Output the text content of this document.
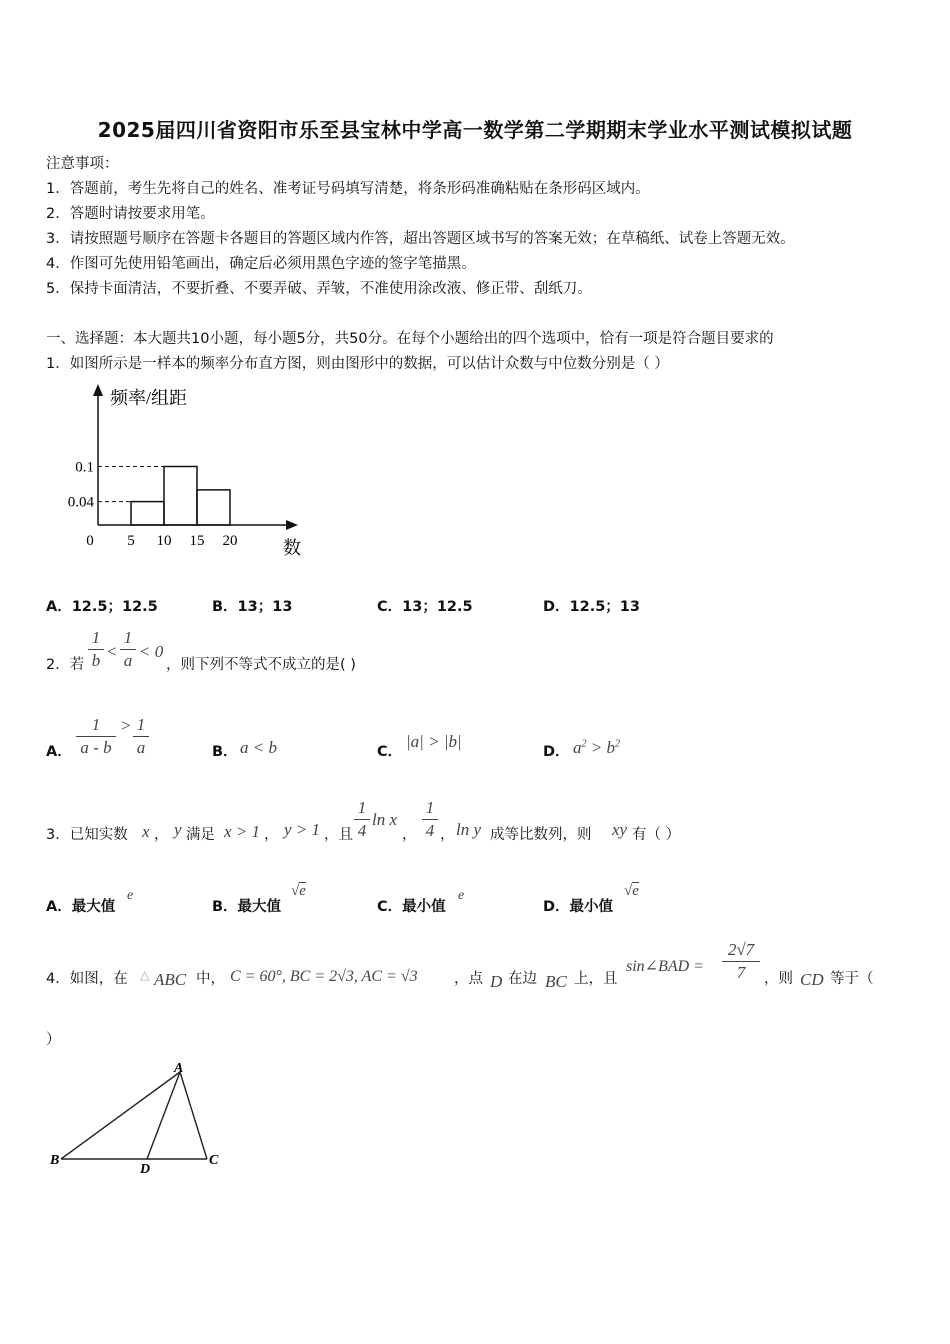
2025届四川省资阳市乐至县宝林中学高一数学第二学期期末学业水平测试模拟试题
注意事项：
1．答题前，考生先将自己的姓名、准考证号码填写清楚，将条形码准确粘贴在条形码区域内。
2．答题时请按要求用笔。
3．请按照题号顺序在答题卡各题目的答题区域内作答，超出答题区域书写的答案无效；在草稿纸、试卷上答题无效。
4．作图可先使用铅笔画出，确定后必须用黑色字迹的签字笔描黑。
5．保持卡面清洁，不要折叠、不要弄破、弄皱，不准使用涂改液、修正带、刮纸刀。
一、选择题：本大题共10小题，每小题5分，共50分。在每个小题给出的四个选项中，恰有一项是符合题目要求的
1．如图所示是一样本的频率分布直方图，则由图形中的数据，可以估计众数与中位数分别是（ ）
0.1
0.04
5 10 15 20
0
频率/组距
数
A．12.5；12.5	B．13；13	C．13；12.5	D．12.5；13
2．若
1
b <
1
a < 0
，则下列不等式不成立的是( )
A．
1
a - b
> 1
a	B． a < b	C．
|a| > |b|
D． $a^2 > b^2$
3．已知实数 x ， y 满足 x > 1 ， y > 1 ，且
1
4
ln x
，
1
4 ， ln y 成等比数列，则 xy 有（ ）
A．最大值
e
B．最大值
√e
C．最小值
e
D．最小值
√e
4．如图，在 △ ABC 中， C = 60°, BC = 2√3, AC = √3	，点 D 在边 BC 上，且
sin∠BAD =
2√7
7	，则 CD 等于（
）
A
B	C
D
